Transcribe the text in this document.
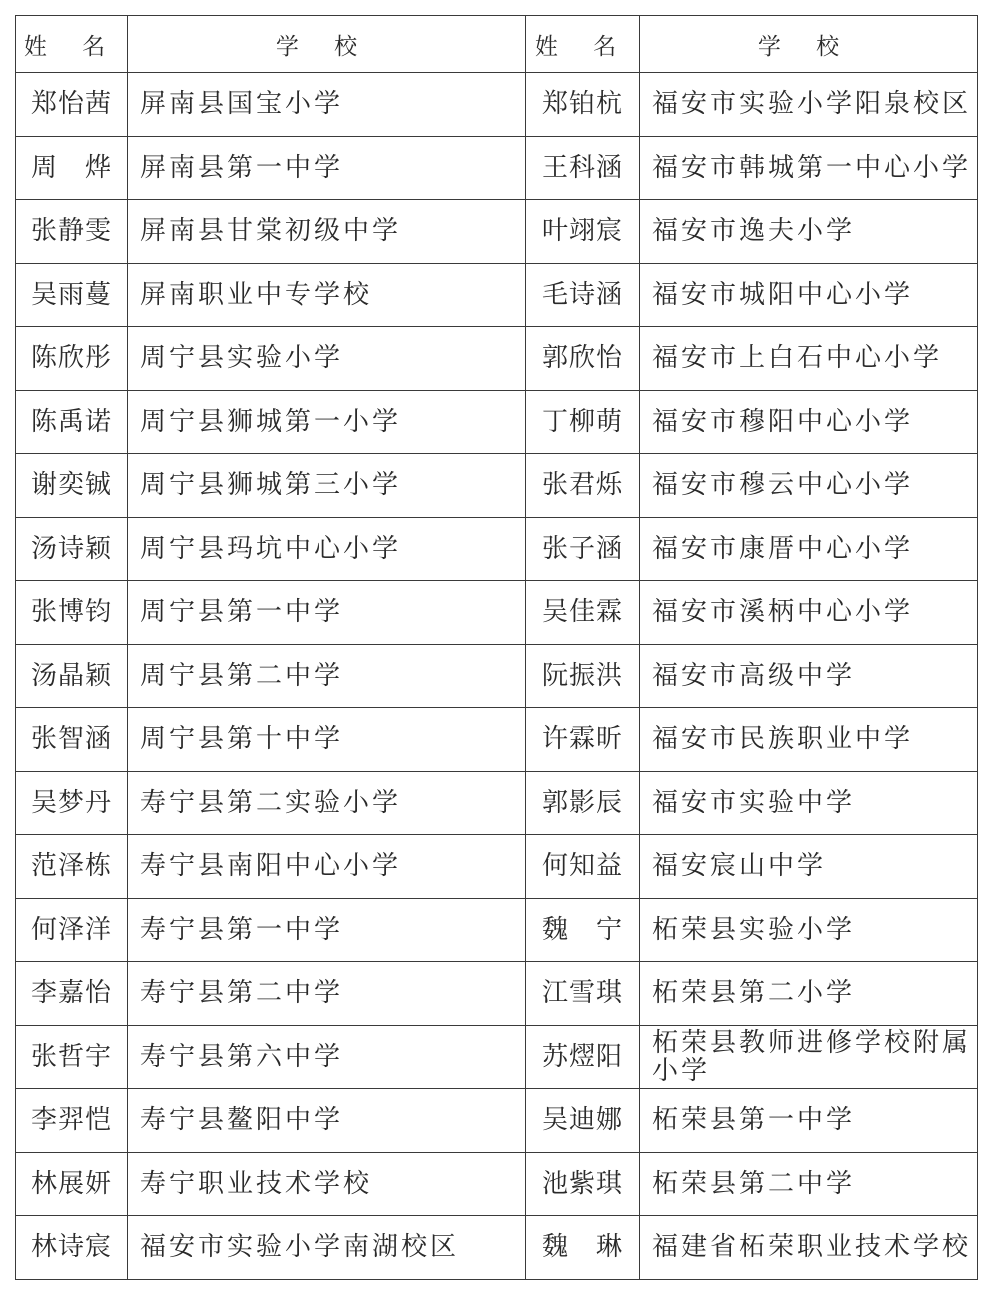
姓 名	学 校	姓 名	学 校
郑怡茜	屏南县国宝小学	郑铂杭	福安市实验小学阳泉校区
周　烨	屏南县第一中学	王科涵	福安市韩城第一中心小学
张静雯	屏南县甘棠初级中学	叶翊宸	福安市逸夫小学
吴雨蔓	屏南职业中专学校	毛诗涵	福安市城阳中心小学
陈欣彤	周宁县实验小学	郭欣怡	福安市上白石中心小学
陈禹诺	周宁县狮城第一小学	丁柳萌	福安市穆阳中心小学
谢奕铖	周宁县狮城第三小学	张君烁	福安市穆云中心小学
汤诗颖	周宁县玛坑中心小学	张子涵	福安市康厝中心小学
张博钧	周宁县第一中学	吴佳霖	福安市溪柄中心小学
汤晶颖	周宁县第二中学	阮振洪	福安市高级中学
张智涵	周宁县第十中学	许霖昕	福安市民族职业中学
吴梦丹	寿宁县第二实验小学	郭影辰	福安市实验中学
范泽栋	寿宁县南阳中心小学	何知益	福安宸山中学
何泽洋	寿宁县第一中学	魏　宁	柘荣县实验小学
李嘉怡	寿宁县第二中学	江雪琪	柘荣县第二小学
张哲宇	寿宁县第六中学	苏熤阳	柘荣县教师进修学校附属小学
李羿恺	寿宁县鳌阳中学	吴迪娜	柘荣县第一中学
林展妍	寿宁职业技术学校	池紫琪	柘荣县第二中学
林诗宸	福安市实验小学南湖校区	魏　琳	福建省柘荣职业技术学校
